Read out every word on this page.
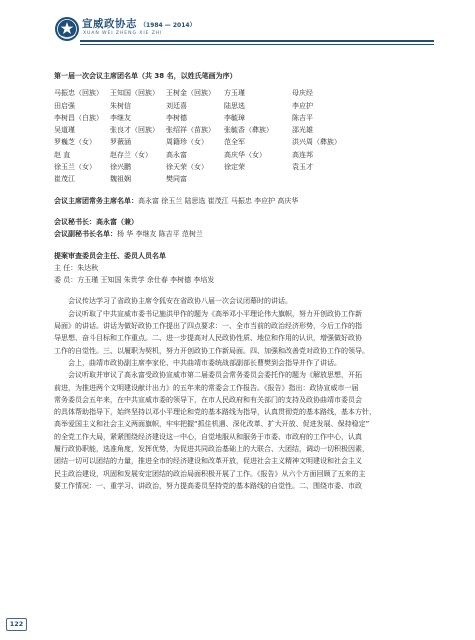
宣威政协志 （1984 — 2014）
XUAN WEI ZHENG XIE ZHI
第一届一次会议主席团名单（共 38 名，以姓氏笔画为序）
马振忠（回族）	王知国（回族）	王树金（回族）	方玉瑾	母庆经
田启强	朱树信	刘廷喜	陆思选	李应护
李树昌（白族）	李继友	李树德	李毓璋	陈吉平
吴道瑾	张良才（回族）	张绍祥（苗族）	张毓香（彝族）	邵光雄
罗巍芝（女）	罗薇涵	周籍珍（女）	范全军	洪兴周（彝族）
赵 直	赵存兰（女）	高永富	高庆华（女）	高连邦
徐玉兰（女）	徐兴鹏	徐天荣（女）	徐定荣	袁玉才
崔茂江	魏祖娴	樊同富
会议主席团常务主席名单：高永富 徐玉兰 陆思选 崔茂江 马振忠 李应护 高庆华
会议秘书长：高永富（兼）
会议副秘书长名单：杨 华 李继友 陈吉平 范树兰
提案审查委员会主任、委员人员名单
主 任：朱达秋
委 员：方玉瑾 王知国 朱贵学 余仕春 李树德 李培发
会议传达学习了省政协主席令狐安在省政协八届一次会议闭幕时的讲话。
会议听取了中共宣威市委书记施洪甲作的题为《高举邓小平理论伟大旗帜，努力开创政协工作新
局面》的讲话。讲话为做好政协工作提出了四点要求：一、全市当前的政治经济形势，今后工作的指
导思想、奋斗目标和工作重点。二、进一步提高对人民政协性质、地位和作用的认识，增强做好政协
工作的自觉性。三、以履职为契机，努力开创政协工作新局面。四、加强和改善党对政协工作的领导。
会上，曲靖市政协副主席李家伦、中共曲靖市委统战部副部长曹樊到会指导并作了讲话。
会议听取并审议了高永富受政协宣威市第二届委员会常务委员会委托作的题为《解放思想，开拓
前进，为推进两个文明建设献计出力》的五年来的常委会工作报告。《报告》指出：政协宣威市一届
常务委员会五年来，在中共宣威市委的领导下，在市人民政府和有关部门的支持及政协曲靖市委员会
的具体帮助指导下，始终坚持以邓小平理论和党的基本路线为指导，认真贯彻党的基本路线，基本方针，
高举爱国主义和社会主义两面旗帜，牢牢把握“抓住机遇、深化改革、扩大开放、促进发展、保持稳定”
的全党工作大局，紧紧围绕经济建设这一中心，自觉地服从和服务于市委、市政府的工作中心，认真
履行政协职能，选准角度，发挥优势，为促进共同政治基础上的大联合、大团结，调动一切积极因素，
团结一切可以团结的力量，推进全市的经济建设和改革开放，促进社会主义精神文明建设和社会主义
民主政治建设，巩固和发展安定团结的政治局面积极开展了工作。《报告》从六个方面回顾了五来的主
要工作情况：一、重学习、讲政治，努力提高委员坚持党的基本路线的自觉性。二、围绕市委、市政
122
